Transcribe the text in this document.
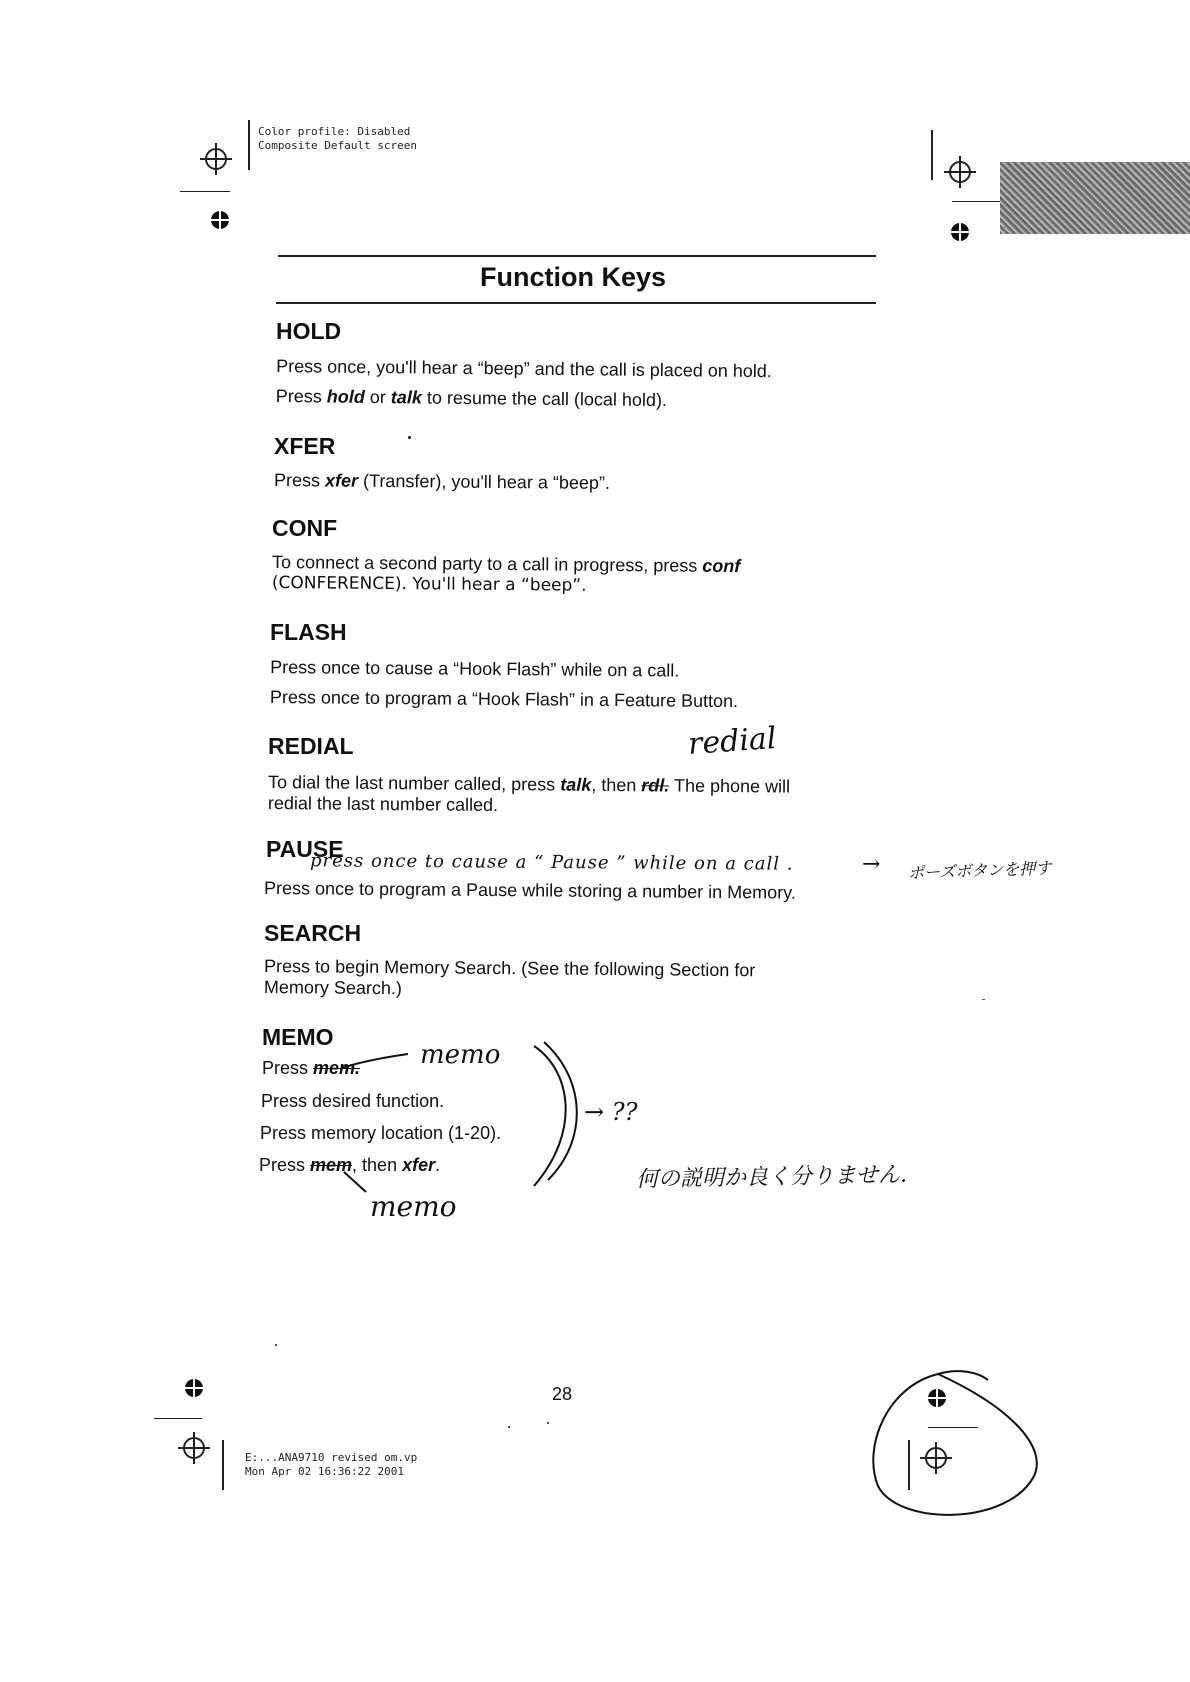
Color profile: Disabled
Composite Default screen
Function Keys
HOLD
Press once, you'll hear a “beep” and the call is placed on hold.
Press hold or talk to resume the call (local hold).
XFER
Press xfer (Transfer), you'll hear a “beep”.
CONF
To connect a second party to a call in progress, press conf
(CONFERENCE). You'll hear a “beep”.
FLASH
Press once to cause a “Hook Flash” while on a call.
Press once to program a “Hook Flash” in a Feature Button.
REDIAL	redial
To dial the last number called, press talk, then rdl. The phone will
redial the last number called.
PAUSE
press once to cause a “ Pause ” while on a call .	→ ポーズボタンを押す
Press once to program a Pause while storing a number in Memory.
SEARCH
Press to begin Memory Search. (See the following Section for
Memory Search.)
MEMO
memo
Press mem.
Press desired function.
Press memory location (1-20).
Press mem, then xfer.
memo
→ ??
何の説明か良く分りません.
28
E:...ANA9710 revised om.vp
Mon Apr 02 16:36:22 2001
